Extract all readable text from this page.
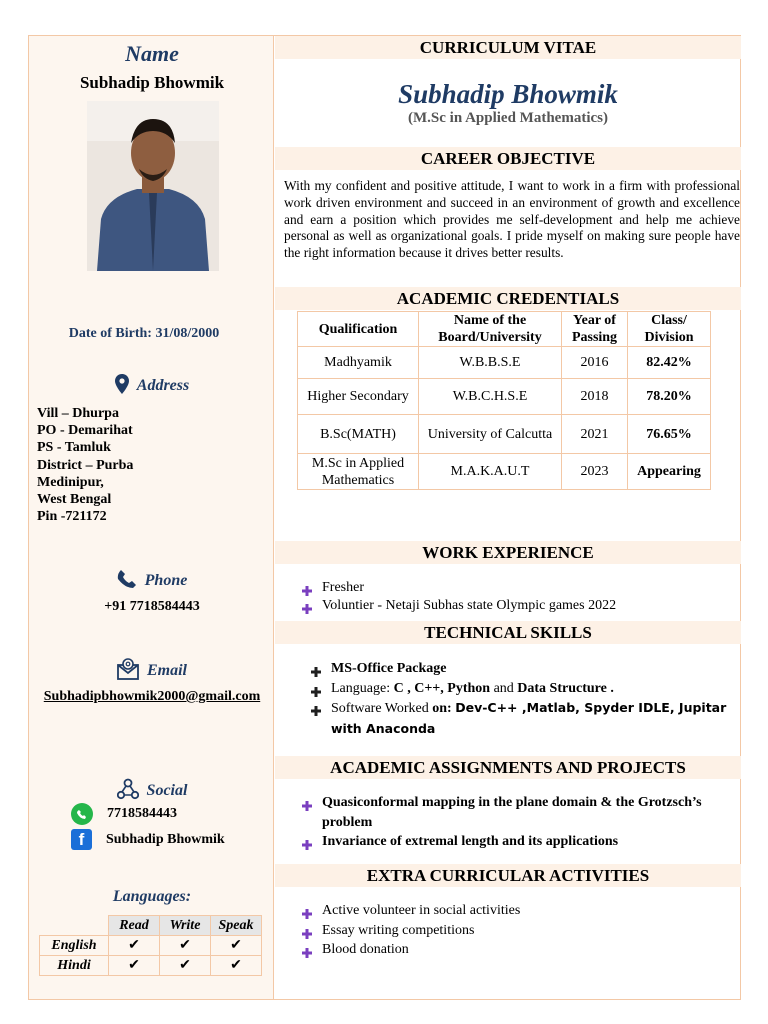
Name
Subhadip Bhowmik
Date of Birth: 31/08/2000
Address
Vill – Dhurpa
PO - Demarihat
PS - Tamluk
District – Purba
Medinipur,
West Bengal
Pin -721172
Phone
+91 7718584443
Email
Subhadipbhowmik2000@gmail.com
Social
7718584443
f Subhadip Bhowmik
Languages:
	Read	Write	Speak
English	✔	✔	✔
Hindi	✔	✔	✔
CURRICULUM VITAE
Subhadip Bhowmik
(M.Sc in Applied Mathematics)
CAREER OBJECTIVE
With my confident and positive attitude, I want to work in a firm with professional work driven environment and succeed in an environment of growth and excellence and earn a position which provides me self-development and help me achieve personal as well as organizational goals. I pride myself on making sure people have the right information because it drives better results.
ACADEMIC CREDENTIALS
Qualification	Name of the Board/University	Year of Passing	Class/ Division
Madhyamik	W.B.B.S.E	2016	82.42%
Higher Secondary	W.B.C.H.S.E	2018	78.20%
B.Sc(MATH)	University of Calcutta	2021	76.65%
M.Sc in Applied Mathematics	M.A.K.A.U.T	2023	Appearing
WORK EXPERIENCE
Fresher
Voluntier - Netaji Subhas state Olympic games 2022
TECHNICAL SKILLS
MS-Office Package
Language: C , C++, Python and Data Structure .
Software Worked on: Dev-C++ ,Matlab, Spyder IDLE, Jupitar with Anaconda
ACADEMIC ASSIGNMENTS AND PROJECTS
Quasiconformal mapping in the plane domain & the Grotzsch’s problem
Invariance of extremal length and its applications
EXTRA CURRICULAR ACTIVITIES
Active volunteer in social activities
Essay writing competitions
Blood donation
